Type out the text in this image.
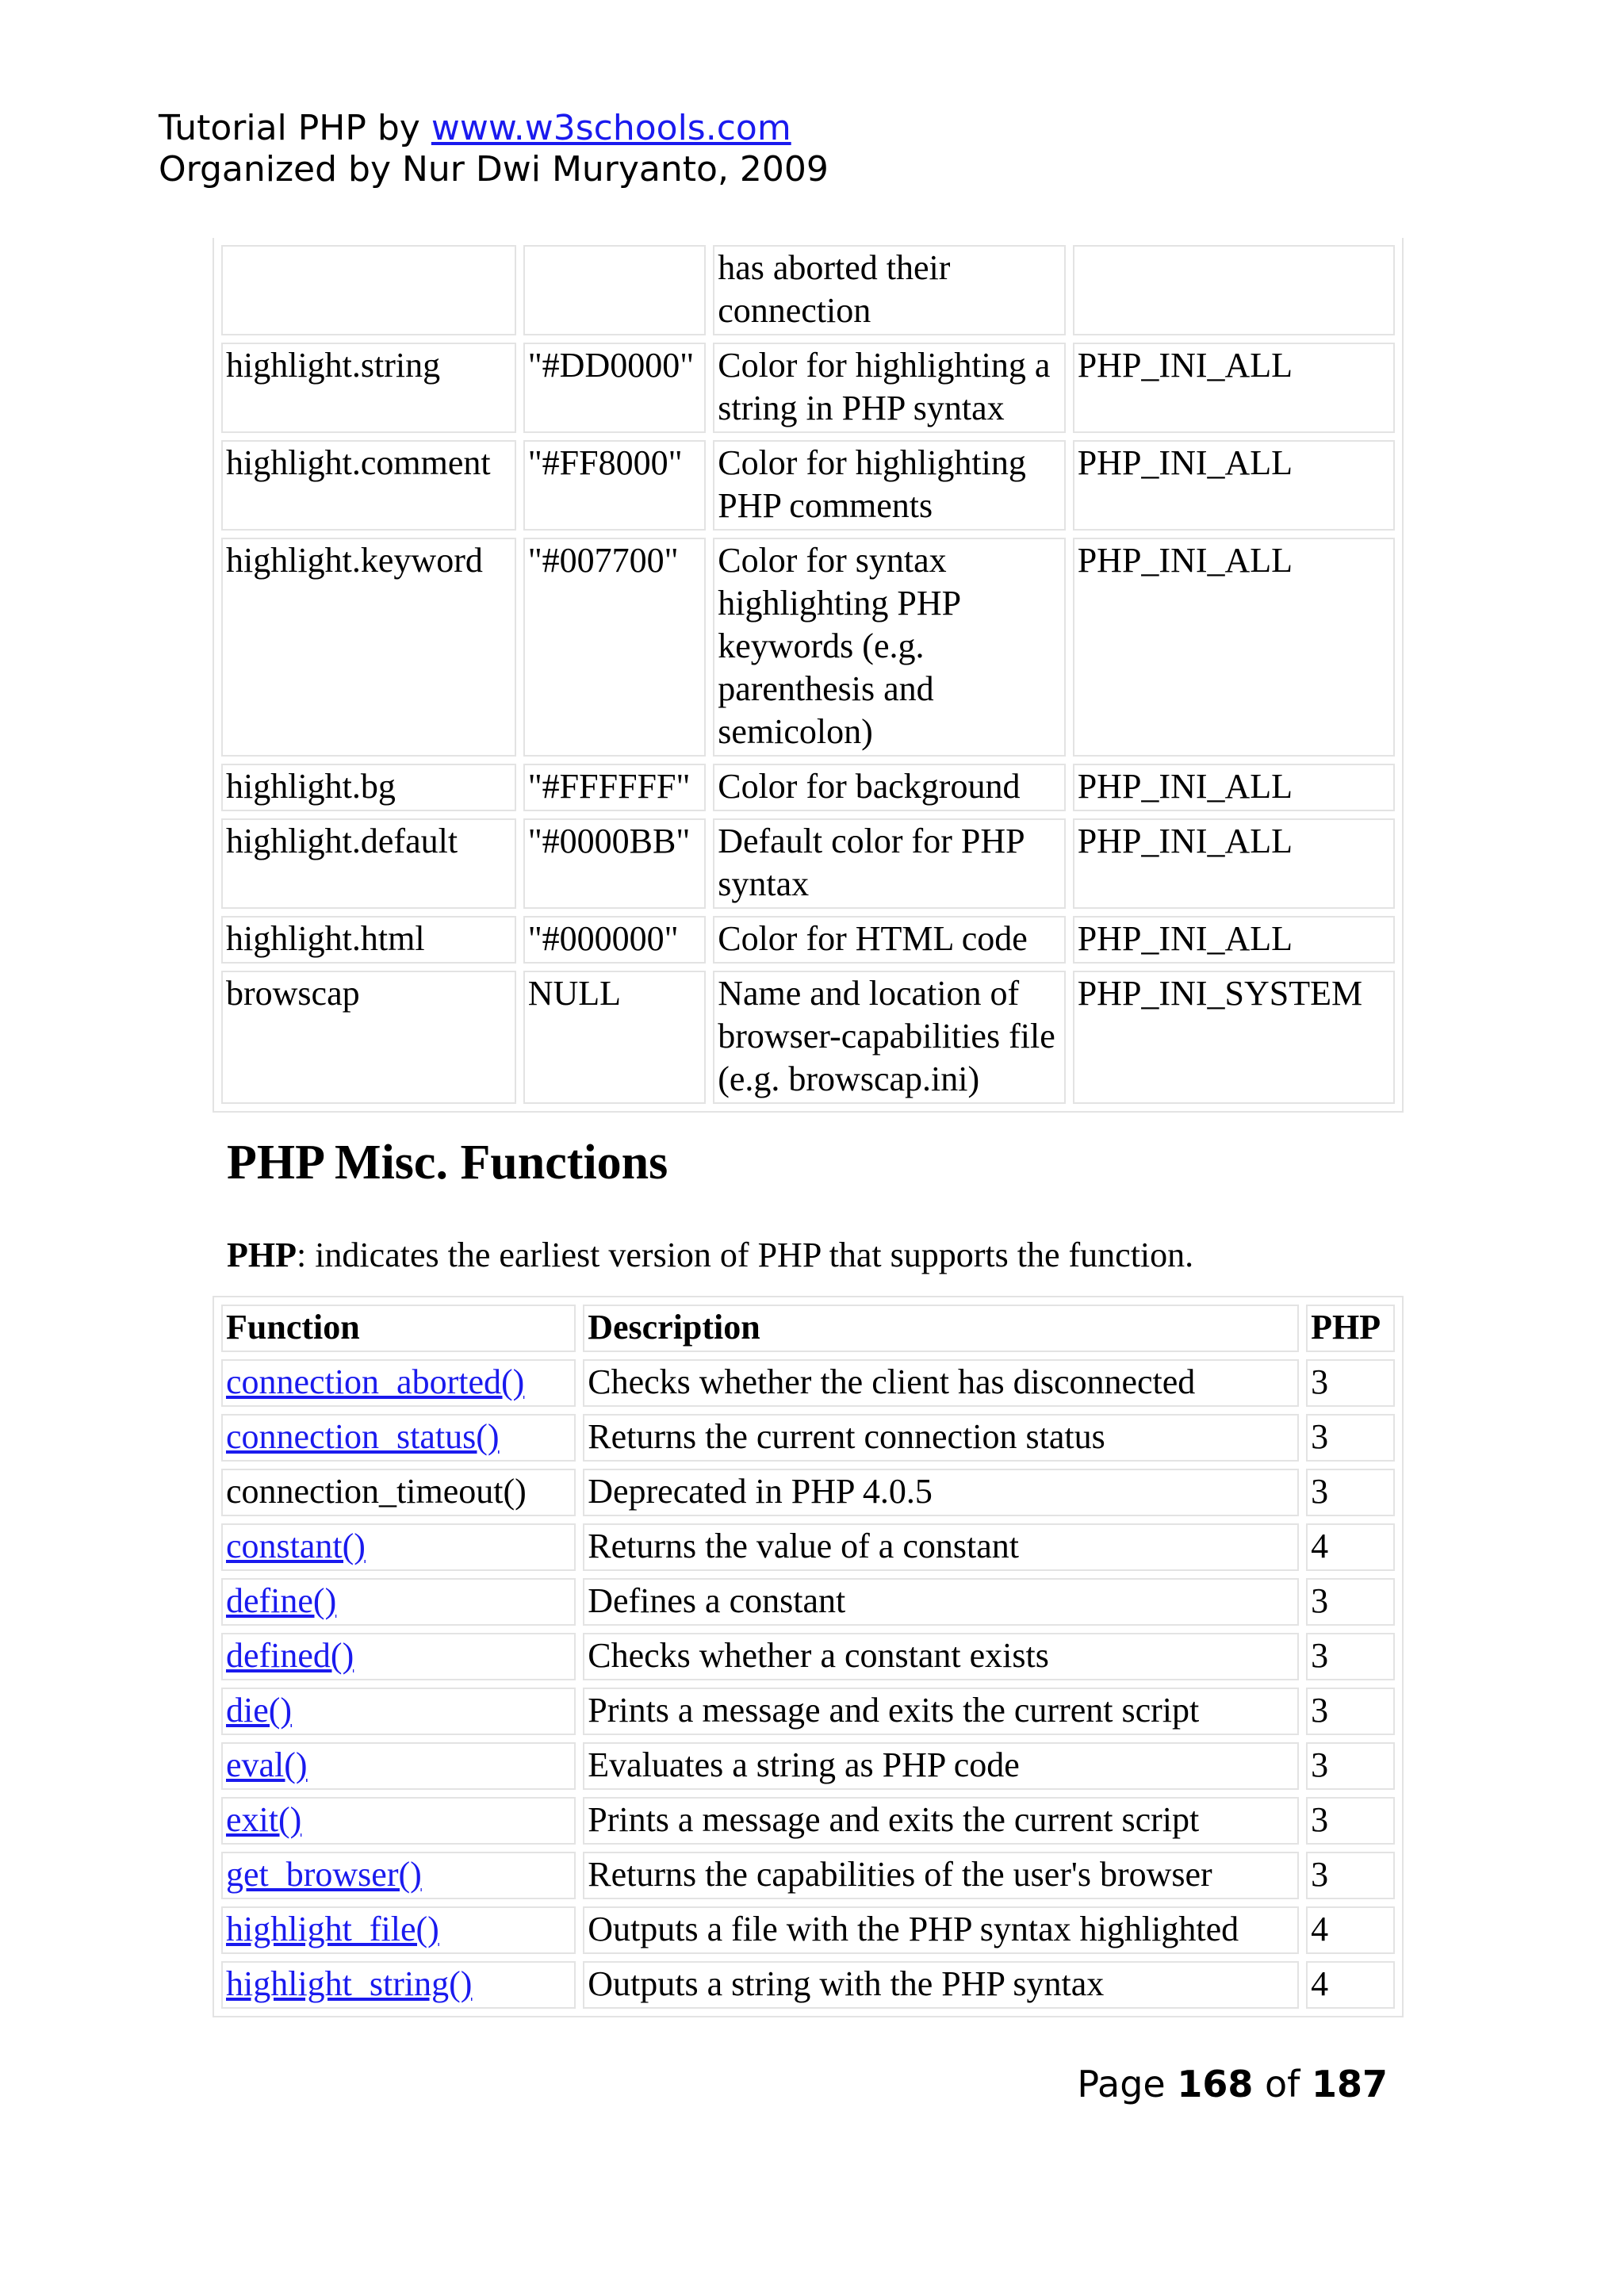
Tutorial PHP by www.w3schools.com
Organized by Nur Dwi Muryanto, 2009
		has aborted their connection	
highlight.string	"#DD0000"	Color for highlighting a string in PHP syntax	PHP_INI_ALL
highlight.comment	"#FF8000"	Color for highlighting PHP comments	PHP_INI_ALL
highlight.keyword	"#007700"	Color for syntax highlighting PHP keywords (e.g. parenthesis and semicolon)	PHP_INI_ALL
highlight.bg	"#FFFFFF"	Color for background	PHP_INI_ALL
highlight.default	"#0000BB"	Default color for PHP syntax	PHP_INI_ALL
highlight.html	"#000000"	Color for HTML code	PHP_INI_ALL
browscap	NULL	Name and location of browser-capabilities file (e.g. browscap.ini)	PHP_INI_SYSTEM
PHP Misc. Functions
PHP: indicates the earliest version of PHP that supports the function.
Function	Description	PHP
connection_aborted()	Checks whether the client has disconnected	3
connection_status()	Returns the current connection status	3
connection_timeout()	Deprecated in PHP 4.0.5	3
constant()	Returns the value of a constant	4
define()	Defines a constant	3
defined()	Checks whether a constant exists	3
die()	Prints a message and exits the current script	3
eval()	Evaluates a string as PHP code	3
exit()	Prints a message and exits the current script	3
get_browser()	Returns the capabilities of the user's browser	3
highlight_file()	Outputs a file with the PHP syntax highlighted	4
highlight_string()	Outputs a string with the PHP syntax	4
Page 168 of 187
